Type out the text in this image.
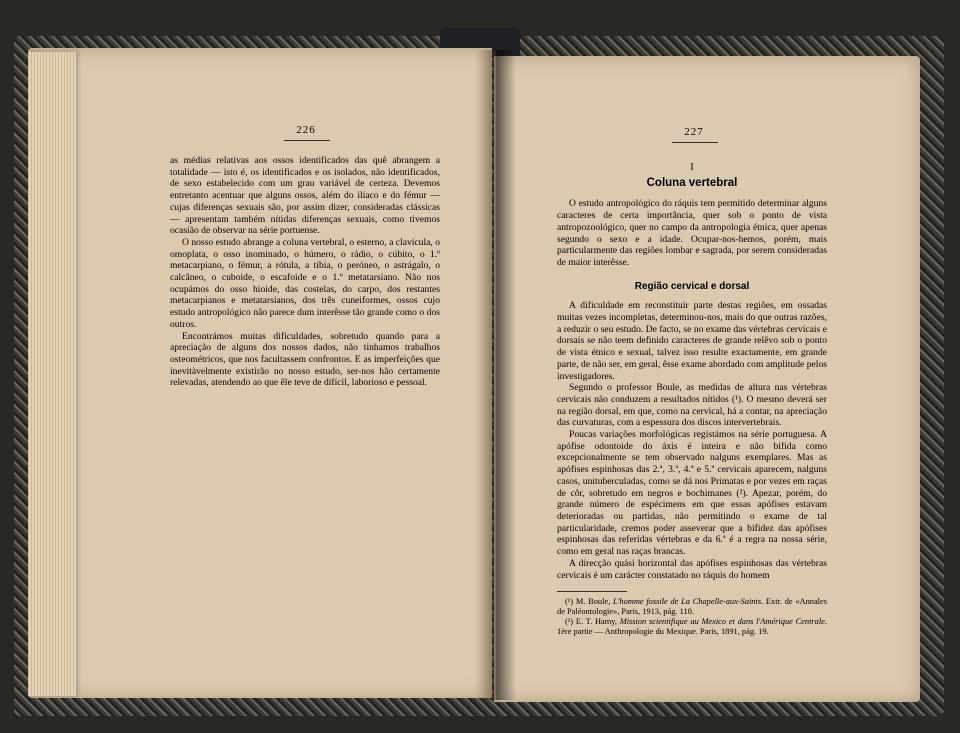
226

as médias relativas aos ossos identificados das quê abrangem a totalidade — isto é, os identificados e os isolados, não identificados, de sexo estabelecido com um grau variável de certeza. Devemos entretanto acentuar que alguns ossos, além do ilíaco e do fémur — cujas diferenças sexuais são, por assim dizer, consideradas clássicas — apresentam também nítidas diferenças sexuais, como tivemos ocasião de observar na série portuense.

O nosso estudo abrange a coluna vertebral, o esterno, a clavícula, o omoplata, o osso inominado, o húmero, o rádio, o cúbito, o 1.º metacarpiano, o fémur, a rótula, a tíbia, o peróneo, o astrágalo, o calcâneo, o cuboide, o escafoide e o 1.º metatarsiano. Não nos ocupámos do osso hioide, das costelas, do carpo, dos restantes metacarpianos e metatarsianos, dos três cuneiformes, ossos cujo estudo antropológico não parece dum interêsse tão grande como o dos outros.

Encontrámos muitas dificuldades, sobretudo quando para a apreciação de alguns dos nossos dados, não tinhamos trabalhos osteométricos, que nos facultassem confrontos. E as imperfeições que inevitàvelmente existirão no nosso estudo, ser-nos hão certamente relevadas, atendendo ao que êle teve de difícil, laborioso e pessoal.

227
I
Coluna vertebral

O estudo antropológico do ráquis tem permitido determinar alguns caracteres de certa importância, quer sob o ponto de vista antropozoológico, quer no campo da antropologia étnica, quer apenas segundo o sexo e a idade. Ocupar-nos-hemos, porém, mais particularmente das regiões lombar e sagrada, por serem consideradas de maior interêsse.

Região cervical e dorsal

A dificuldade em reconstituir parte destas regiões, em ossadas muitas vezes incompletas, determinou-nos, mais do que outras razões, a reduzir o seu estudo. De facto, se no exame das vértebras cervicais e dorsais se não teem definido caracteres de grande relêvo sob o ponto de vista étnico e sexual, talvez isso resulte exactamente, em grande parte, de não ser, em geral, êsse exame abordado com amplitude pelos investigadores.

Segundo o professor Boule, as medidas de altura nas vértebras cervicais não conduzem a resultados nítidos (¹). O mesmo deverá ser na região dorsal, em que, como na cervical, há a contar, na apreciação das curvaturas, com a espessura dos discos intervertebrais.

Poucas variações morfológicas registámos na série portuguesa. A apófise odontoide do áxis é inteira e não bífida como excepcionalmente se tem observado nalguns exemplares. Mas as apófises espinhosas das 2.ª, 3.ª, 4.ª e 5.ª cervicais aparecem, nalguns casos, unituberculadas, como se dá nos Primatas e por vezes em raças de côr, sobretudo em negros e bochimanes (²). Apezar, porém, do grande número de espécimens em que essas apófises estavam deterioradas ou partidas, não permitindo o exame de tal particularidade, cremos poder asseverar que a bifidez das apófises espinhosas das referidas vértebras e da 6.ª é a regra na nossa série, como em geral nas raças brancas.

A direcção quási horizontal das apófises espinhosas das vértebras cervicais é um carácter constatado no ráquis do homem

(¹) M. Boule, L'homme fossile de La Chapelle-aux-Saints. Extr. de «Annales de Paléontologie», Paris, 1913, pág. 110.

(²) E. T. Hamy, Mission scientifique au Mexico et dans l'Amérique Centrale. 1ère partie — Anthropologie du Mexique. Paris, 1891, pág. 19.
